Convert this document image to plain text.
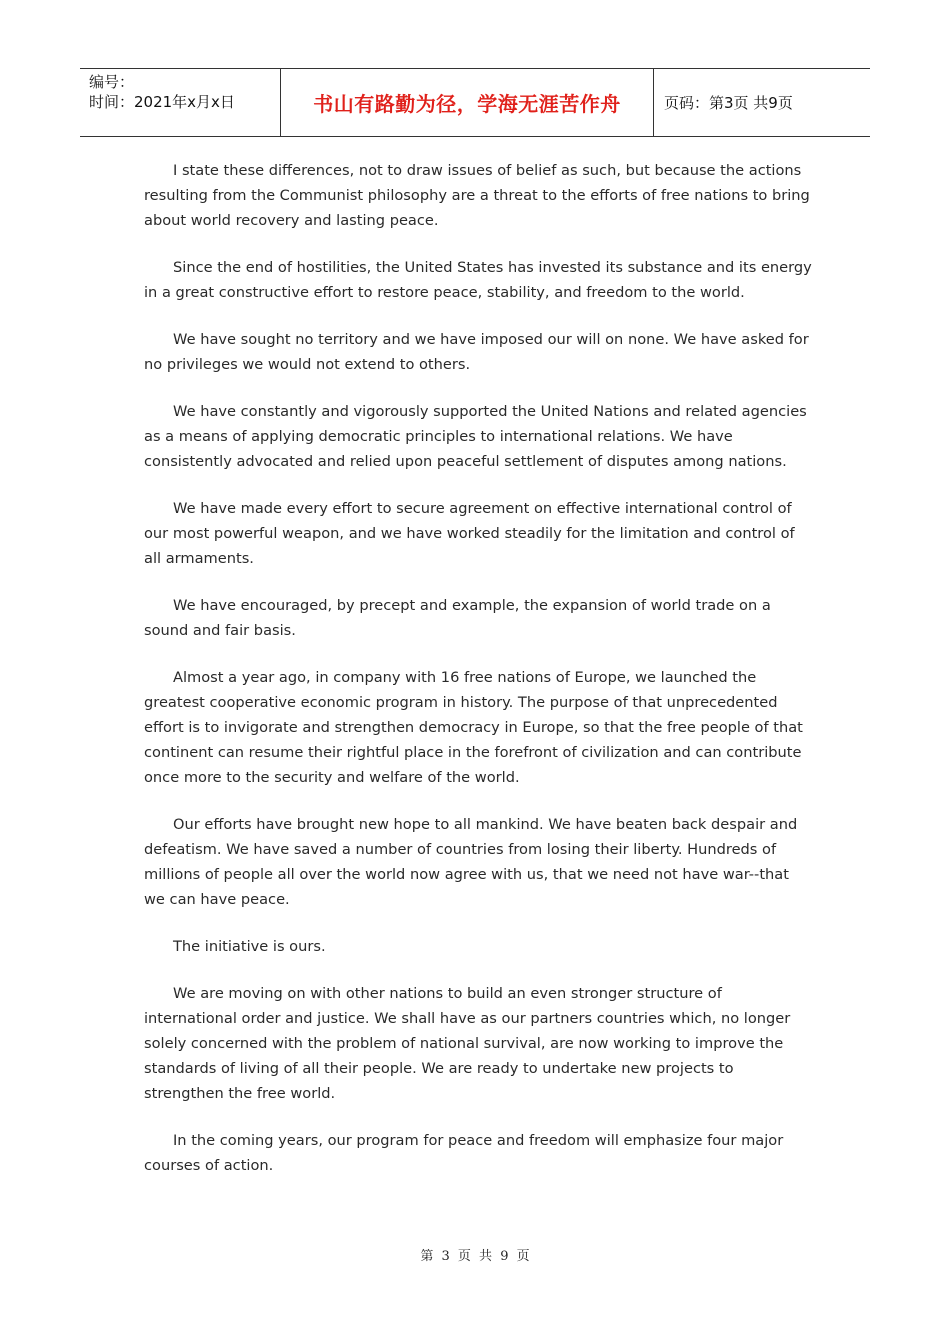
编号：
时间：2021年x月x日	书山有路勤为径，学海无涯苦作舟	页码：第3页 共9页

I state these differences, not to draw issues of belief as such, but because the actions resulting from the Communist philosophy are a threat to the efforts of free nations to bring about world recovery and lasting peace.

Since the end of hostilities, the United States has invested its substance and its energy in a great constructive effort to restore peace, stability, and freedom to the world.

We have sought no territory and we have imposed our will on none. We have asked for no privileges we would not extend to others.

We have constantly and vigorously supported the United Nations and related agencies as a means of applying democratic principles to international relations. We have consistently advocated and relied upon peaceful settlement of disputes among nations.

We have made every effort to secure agreement on effective international control of our most powerful weapon, and we have worked steadily for the limitation and control of all armaments.

We have encouraged, by precept and example, the expansion of world trade on a sound and fair basis.

Almost a year ago, in company with 16 free nations of Europe, we launched the greatest cooperative economic program in history. The purpose of that unprecedented effort is to invigorate and strengthen democracy in Europe, so that the free people of that continent can resume their rightful place in the forefront of civilization and can contribute once more to the security and welfare of the world.

Our efforts have brought new hope to all mankind. We have beaten back despair and defeatism. We have saved a number of countries from losing their liberty. Hundreds of millions of people all over the world now agree with us, that we need not have war--that we can have peace.

The initiative is ours.

We are moving on with other nations to build an even stronger structure of international order and justice. We shall have as our partners countries which, no longer solely concerned with the problem of national survival, are now working to improve the standards of living of all their people. We are ready to undertake new projects to strengthen the free world.

In the coming years, our program for peace and freedom will emphasize four major courses of action.

第 3 页 共 9 页
